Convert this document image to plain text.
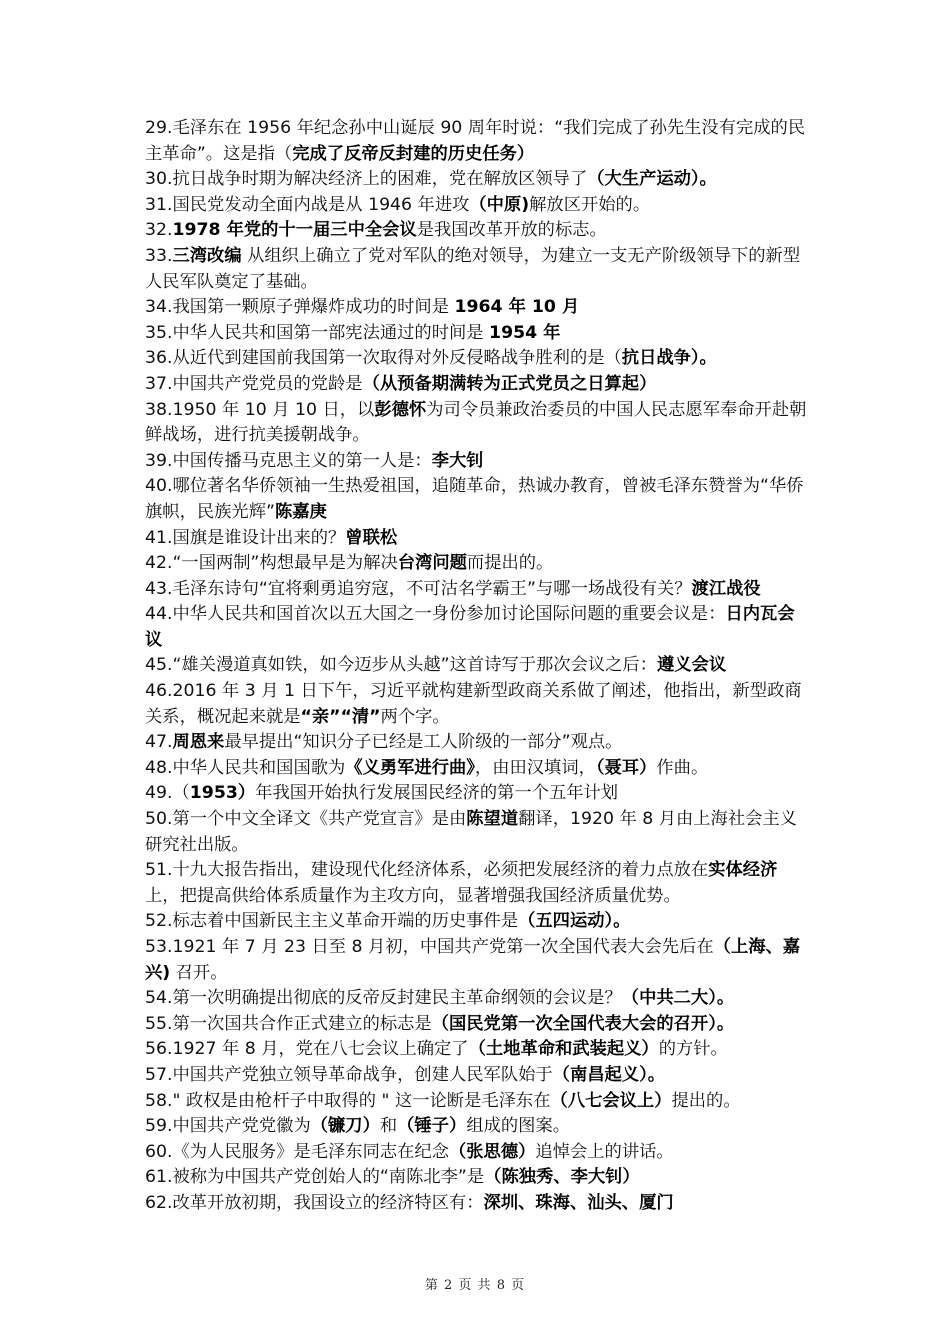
29.毛泽东在 1956 年纪念孙中山诞辰 90 周年时说：“我们完成了孙先生没有完成的民主革命”。这是指（完成了反帝反封建的历史任务）

30.抗日战争时期为解决经济上的困难，党在解放区领导了（大生产运动）。

31.国民党发动全面内战是从 1946 年进攻（中原)解放区开始的。

32.1978 年党的十一届三中全会议是我国改革开放的标志。

33.三湾改编 从组织上确立了党对军队的绝对领导，为建立一支无产阶级领导下的新型人民军队奠定了基础。

34.我国第一颗原子弹爆炸成功的时间是 1964 年 10 月

35.中华人民共和国第一部宪法通过的时间是 1954 年

36.从近代到建国前我国第一次取得对外反侵略战争胜利的是（抗日战争）。

37.中国共产党党员的党龄是（从预备期满转为正式党员之日算起）

38.1950 年 10 月 10 日，以彭德怀为司令员兼政治委员的中国人民志愿军奉命开赴朝鲜战场，进行抗美援朝战争。

39.中国传播马克思主义的第一人是：李大钊

40.哪位著名华侨领袖一生热爱祖国，追随革命，热诚办教育，曾被毛泽东赞誉为“华侨旗帜，民族光辉”陈嘉庚

41.国旗是谁设计出来的？曾联松

42.“一国两制”构想最早是为解决台湾问题而提出的。

43.毛泽东诗句“宜将剩勇追穷寇，不可沽名学霸王”与哪一场战役有关？渡江战役

44.中华人民共和国首次以五大国之一身份参加讨论国际问题的重要会议是：日内瓦会议

45.“雄关漫道真如铁，如今迈步从头越”这首诗写于那次会议之后：遵义会议

46.2016 年 3 月 1 日下午，习近平就构建新型政商关系做了阐述，他指出，新型政商关系，概况起来就是“亲”“清”两个字。

47.周恩来最早提出“知识分子已经是工人阶级的一部分”观点。

48.中华人民共和国国歌为《义勇军进行曲》，由田汉填词，（聂耳）作曲。

49.（1953）年我国开始执行发展国民经济的第一个五年计划

50.第一个中文全译文《共产党宣言》是由陈望道翻译，1920 年 8 月由上海社会主义研究社出版。

51.十九大报告指出，建设现代化经济体系，必须把发展经济的着力点放在实体经济上，把提高供给体系质量作为主攻方向，显著增强我国经济质量优势。

52.标志着中国新民主主义革命开端的历史事件是（五四运动）。

53.1921 年 7 月 23 日至 8 月初，中国共产党第一次全国代表大会先后在（上海、嘉兴) 召开。

54.第一次明确提出彻底的反帝反封建民主革命纲领的会议是？（中共二大）。

55.第一次国共合作正式建立的标志是（国民党第一次全国代表大会的召开）。

56.1927 年 8 月，党在八七会议上确定了（土地革命和武装起义）的方针。

57.中国共产党独立领导革命战争，创建人民军队始于（南昌起义）。

58." 政权是由枪杆子中取得的 " 这一论断是毛泽东在（八七会议上）提出的。

59.中国共产党党徽为（镰刀）和（锤子）组成的图案。

60.《为人民服务》是毛泽东同志在纪念（张思德）追悼会上的讲话。

61.被称为中国共产党创始人的“南陈北李”是（陈独秀、李大钊）

62.改革开放初期，我国设立的经济特区有：深圳、珠海、汕头、厦门

第 2 页 共 8 页
